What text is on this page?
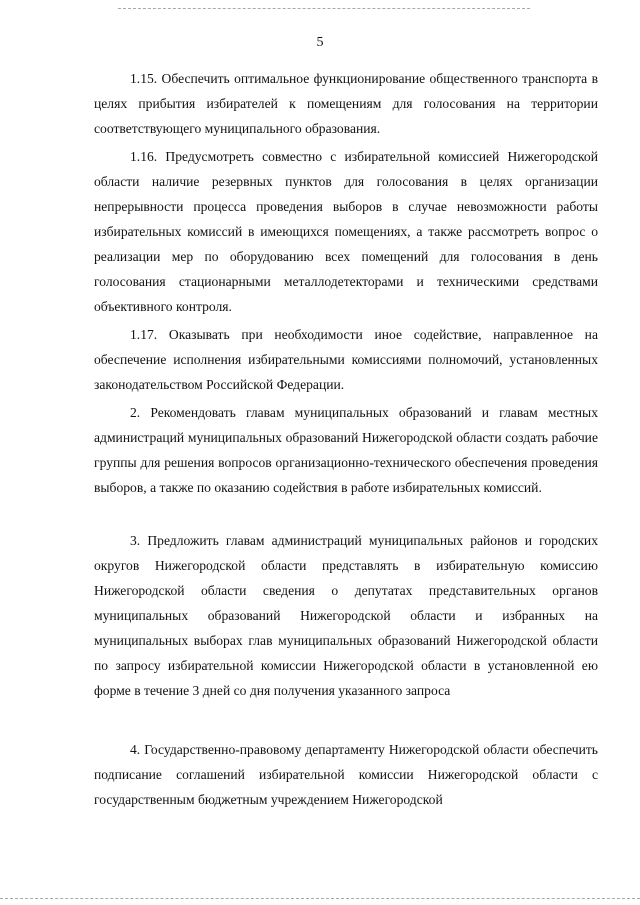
5

1.15. Обеспечить оптимальное функционирование общественного транспорта в целях прибытия избирателей к помещениям для голосования на территории соответствующего муниципального образования.

1.16. Предусмотреть совместно с избирательной комиссией Нижегородской области наличие резервных пунктов для голосования в целях организации непрерывности процесса проведения выборов в случае невозможности работы избирательных комиссий в имеющихся помещениях, а также рассмотреть вопрос о реализации мер по оборудованию всех помещений для голосования в день голосования стационарными металлодетекторами и техническими средствами объективного контроля.

1.17. Оказывать при необходимости иное содействие, направленное на обеспечение исполнения избирательными комиссиями полномочий, установленных законодательством Российской Федерации.

2. Рекомендовать главам муниципальных образований и главам местных администраций муниципальных образований Нижегородской области создать рабочие группы для решения вопросов организационно-технического обеспечения проведения выборов, а также по оказанию содействия в работе избирательных комиссий.

3. Предложить главам администраций муниципальных районов и городских округов Нижегородской области представлять в избирательную комиссию Нижегородской области сведения о депутатах представительных органов муниципальных образований Нижегородской области и избранных на муниципальных выборах глав муниципальных образований Нижегородской области по запросу избирательной комиссии Нижегородской области в установленной ею форме в течение 3 дней со дня получения указанного запроса

4. Государственно-правовому департаменту Нижегородской области обеспечить подписание соглашений избирательной комиссии Нижегородской области с государственным бюджетным учреждением Нижегородской
